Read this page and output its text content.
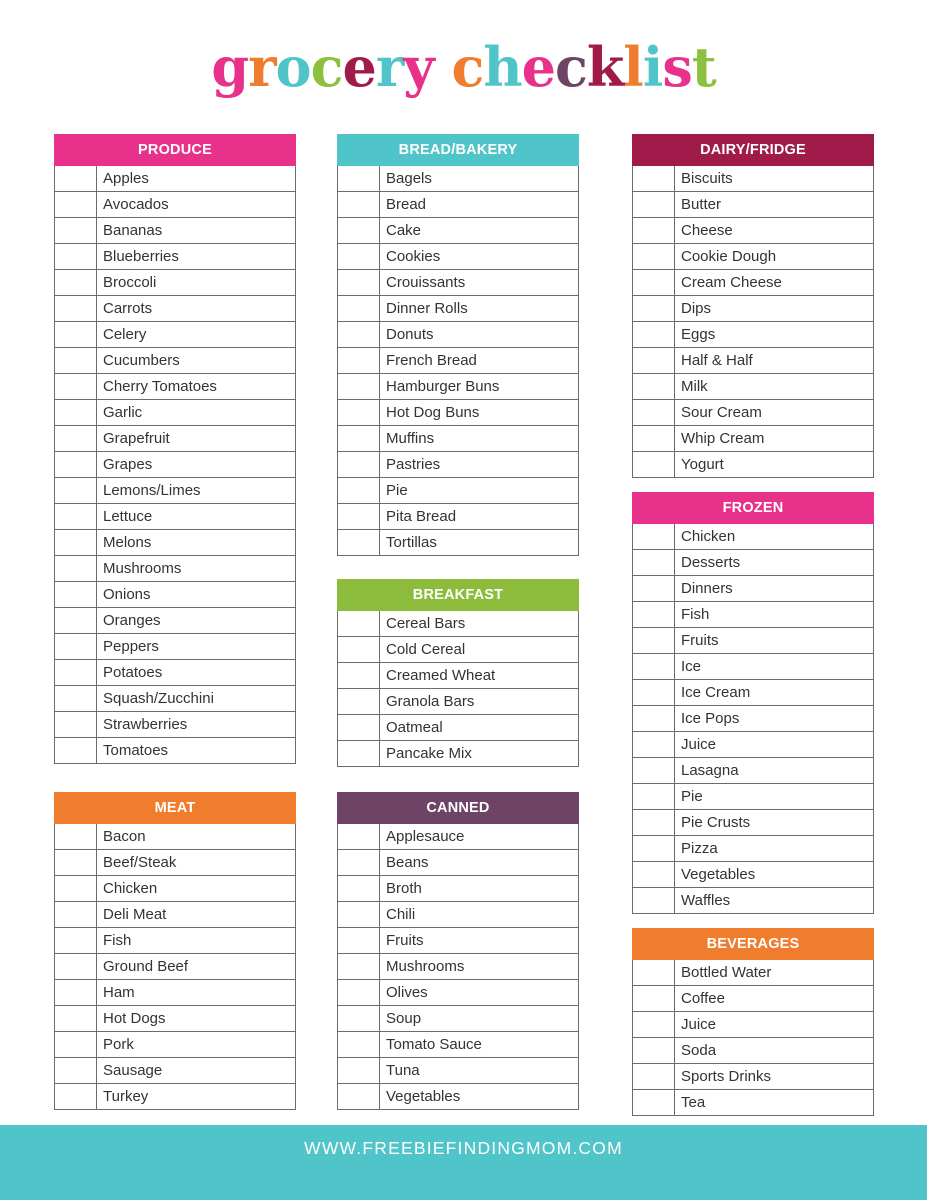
grocery checklist
PRODUCE
Apples
Avocados
Bananas
Blueberries
Broccoli
Carrots
Celery
Cucumbers
Cherry Tomatoes
Garlic
Grapefruit
Grapes
Lemons/Limes
Lettuce
Melons
Mushrooms
Onions
Oranges
Peppers
Potatoes
Squash/Zucchini
Strawberries
Tomatoes
MEAT
Bacon
Beef/Steak
Chicken
Deli Meat
Fish
Ground Beef
Ham
Hot Dogs
Pork
Sausage
Turkey
BREAD/BAKERY
Bagels
Bread
Cake
Cookies
Crouissants
Dinner Rolls
Donuts
French Bread
Hamburger Buns
Hot Dog Buns
Muffins
Pastries
Pie
Pita Bread
Tortillas
BREAKFAST
Cereal Bars
Cold Cereal
Creamed Wheat
Granola Bars
Oatmeal
Pancake Mix
CANNED
Applesauce
Beans
Broth
Chili
Fruits
Mushrooms
Olives
Soup
Tomato Sauce
Tuna
Vegetables
DAIRY/FRIDGE
Biscuits
Butter
Cheese
Cookie Dough
Cream Cheese
Dips
Eggs
Half & Half
Milk
Sour Cream
Whip Cream
Yogurt
FROZEN
Chicken
Desserts
Dinners
Fish
Fruits
Ice
Ice Cream
Ice Pops
Juice
Lasagna
Pie
Pie Crusts
Pizza
Vegetables
Waffles
BEVERAGES
Bottled Water
Coffee
Juice
Soda
Sports Drinks
Tea
WWW.FREEBIEFINDINGMOM.COM
